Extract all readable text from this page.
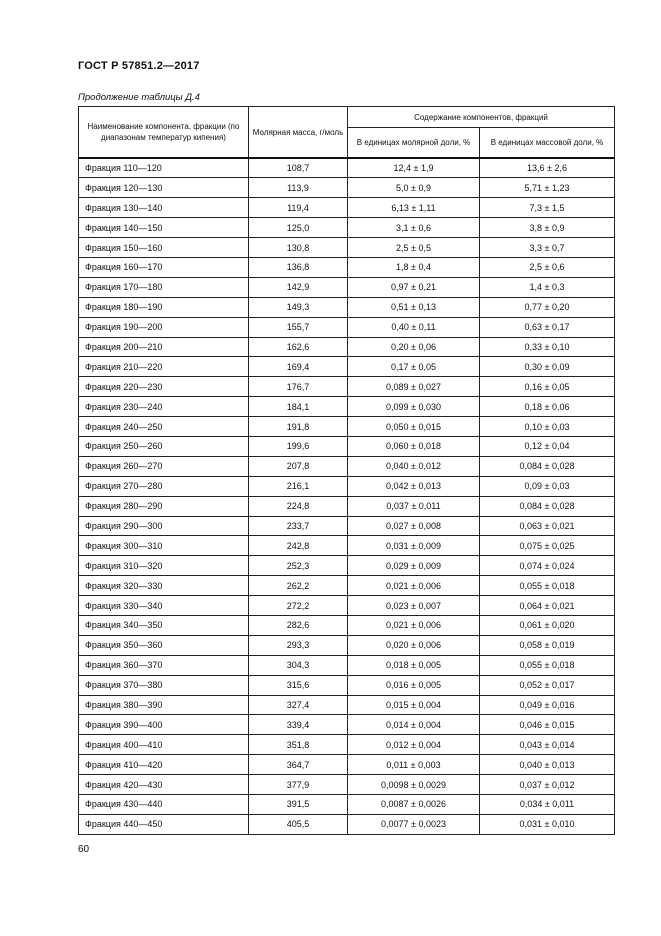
ГОСТ Р 57851.2—2017
Продолжение таблицы Д.4
Наименование компонента, фракции (по диапазонам температур кипения)	Молярная масса, г/моль	Содержание компонентов, фракций	
		В единицах молярной доли, %	В единицах массовой доли, %
Фракция 110—120	108,7	12,4 ± 1,9	13,6 ± 2,6
Фракция 120—130	113,9	5,0 ± 0,9	5,71 ± 1,23
Фракция 130—140	119,4	6,13 ± 1,11	7,3 ± 1,5
Фракция 140—150	125,0	3,1 ± 0,6	3,8 ± 0,9
Фракция 150—160	130,8	2,5 ± 0,5	3,3 ± 0,7
Фракция 160—170	136,8	1,8 ± 0,4	2,5 ± 0,6
Фракция 170—180	142,9	0,97 ± 0,21	1,4 ± 0,3
Фракция 180—190	149,3	0,51 ± 0,13	0,77 ± 0,20
Фракция 190—200	155,7	0,40 ± 0,11	0,63 ± 0,17
Фракция 200—210	162,6	0,20 ± 0,06	0,33 ± 0,10
Фракция 210—220	169,4	0,17 ± 0,05	0,30 ± 0,09
Фракция 220—230	176,7	0,089 ± 0,027	0,16 ± 0,05
Фракция 230—240	184,1	0,099 ± 0,030	0,18 ± 0,06
Фракция 240—250	191,8	0,050 ± 0,015	0,10 ± 0,03
Фракция 250—260	199,6	0,060 ± 0,018	0,12 ± 0,04
Фракция 260—270	207,8	0,040 ± 0,012	0,084 ± 0,028
Фракция 270—280	216,1	0,042 ± 0,013	0,09 ± 0,03
Фракция 280—290	224,8	0,037 ± 0,011	0,084 ± 0,028
Фракция 290—300	233,7	0,027 ± 0,008	0,063 ± 0,021
Фракция 300—310	242,8	0,031 ± 0,009	0,075 ± 0,025
Фракция 310—320	252,3	0,029 ± 0,009	0,074 ± 0,024
Фракция 320—330	262,2	0,021 ± 0,006	0,055 ± 0,018
Фракция 330—340	272,2	0,023 ± 0,007	0,064 ± 0,021
Фракция 340—350	282,6	0,021 ± 0,006	0,061 ± 0,020
Фракция 350—360	293,3	0,020 ± 0,006	0,058 ± 0,019
Фракция 360—370	304,3	0,018 ± 0,005	0,055 ± 0,018
Фракция 370—380	315,6	0,016 ± 0,005	0,052 ± 0,017
Фракция 380—390	327,4	0,015 ± 0,004	0,049 ± 0,016
Фракция 390—400	339,4	0,014 ± 0,004	0,046 ± 0,015
Фракция 400—410	351,8	0,012 ± 0,004	0,043 ± 0,014
Фракция 410—420	364,7	0,011 ± 0,003	0,040 ± 0,013
Фракция 420—430	377,9	0,0098 ± 0,0029	0,037 ± 0,012
Фракция 430—440	391,5	0,0087 ± 0,0026	0,034 ± 0,011
Фракция 440—450	405,5	0,0077 ± 0,0023	0,031 ± 0,010
60
